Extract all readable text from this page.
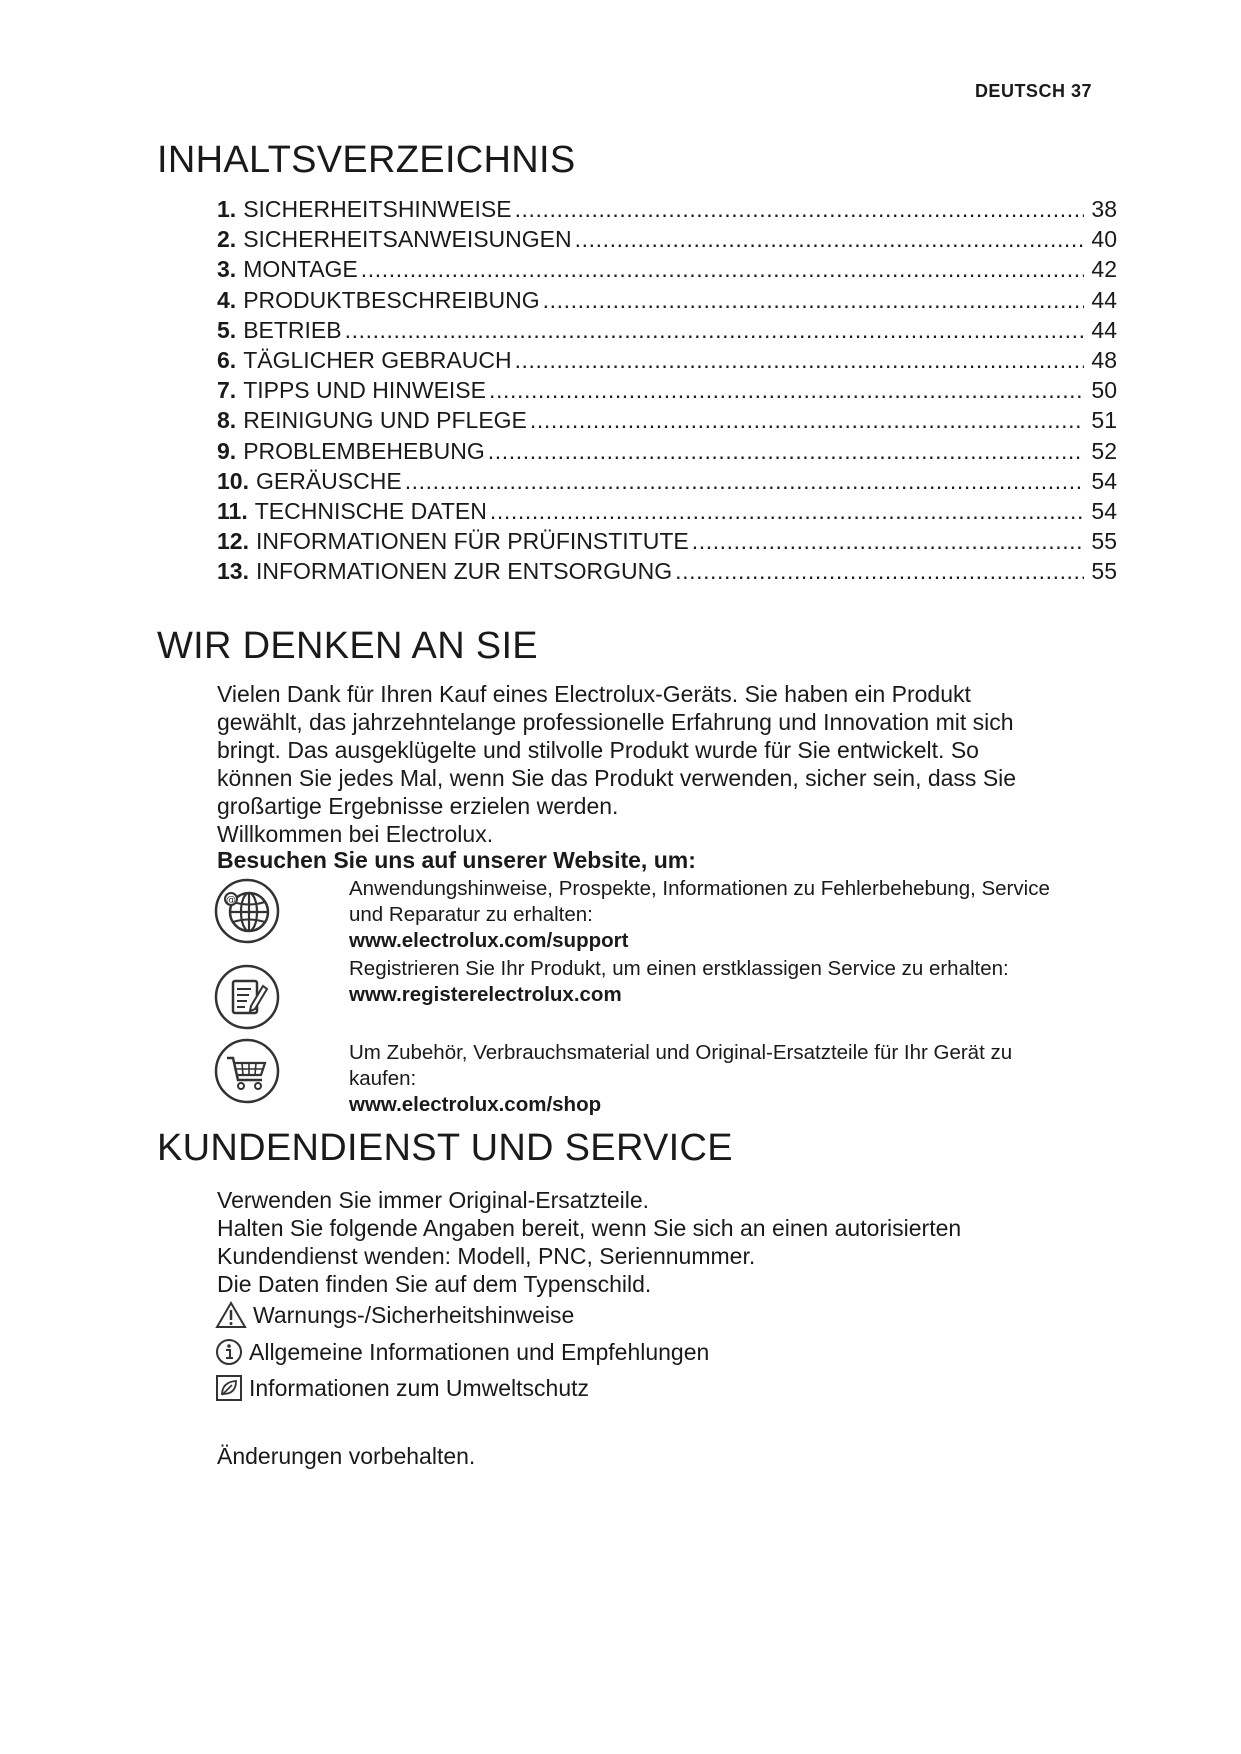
DEUTSCH 37
INHALTSVERZEICHNIS
1. SICHERHEITSHINWEISE .....	38
2. SICHERHEITSANWEISUNGEN .....	40
3. MONTAGE .....	42
4. PRODUKTBESCHREIBUNG .....	44
5. BETRIEB .....	44
6. TÄGLICHER GEBRAUCH .....	48
7. TIPPS UND HINWEISE .....	50
8. REINIGUNG UND PFLEGE .....	51
9. PROBLEMBEHEBUNG .....	52
10. GERÄUSCHE .....	54
11. TECHNISCHE DATEN .....	54
12. INFORMATIONEN FÜR PRÜFINSTITUTE .....	55
13. INFORMATIONEN ZUR ENTSORGUNG .....	55
WIR DENKEN AN SIE
Vielen Dank für Ihren Kauf eines Electrolux-Geräts. Sie haben ein Produkt
gewählt, das jahrzehntelange professionelle Erfahrung und Innovation mit sich
bringt. Das ausgeklügelte und stilvolle Produkt wurde für Sie entwickelt. So
können Sie jedes Mal, wenn Sie das Produkt verwenden, sicher sein, dass Sie
großartige Ergebnisse erzielen werden.
Willkommen bei Electrolux.
Besuchen Sie uns auf unserer Website, um:
@
Anwendungshinweise, Prospekte, Informationen zu Fehlerbehebung, Service
und Reparatur zu erhalten:
www.electrolux.com/support
Registrieren Sie Ihr Produkt, um einen erstklassigen Service zu erhalten:
www.registerelectrolux.com
Um Zubehör, Verbrauchsmaterial und Original-Ersatzteile für Ihr Gerät zu
kaufen:
www.electrolux.com/shop
KUNDENDIENST UND SERVICE
Verwenden Sie immer Original-Ersatzteile.
Halten Sie folgende Angaben bereit, wenn Sie sich an einen autorisierten
Kundendienst wenden: Modell, PNC, Seriennummer.
Die Daten finden Sie auf dem Typenschild.
Warnungs-/Sicherheitshinweise
Allgemeine Informationen und Empfehlungen
Informationen zum Umweltschutz
Änderungen vorbehalten.
